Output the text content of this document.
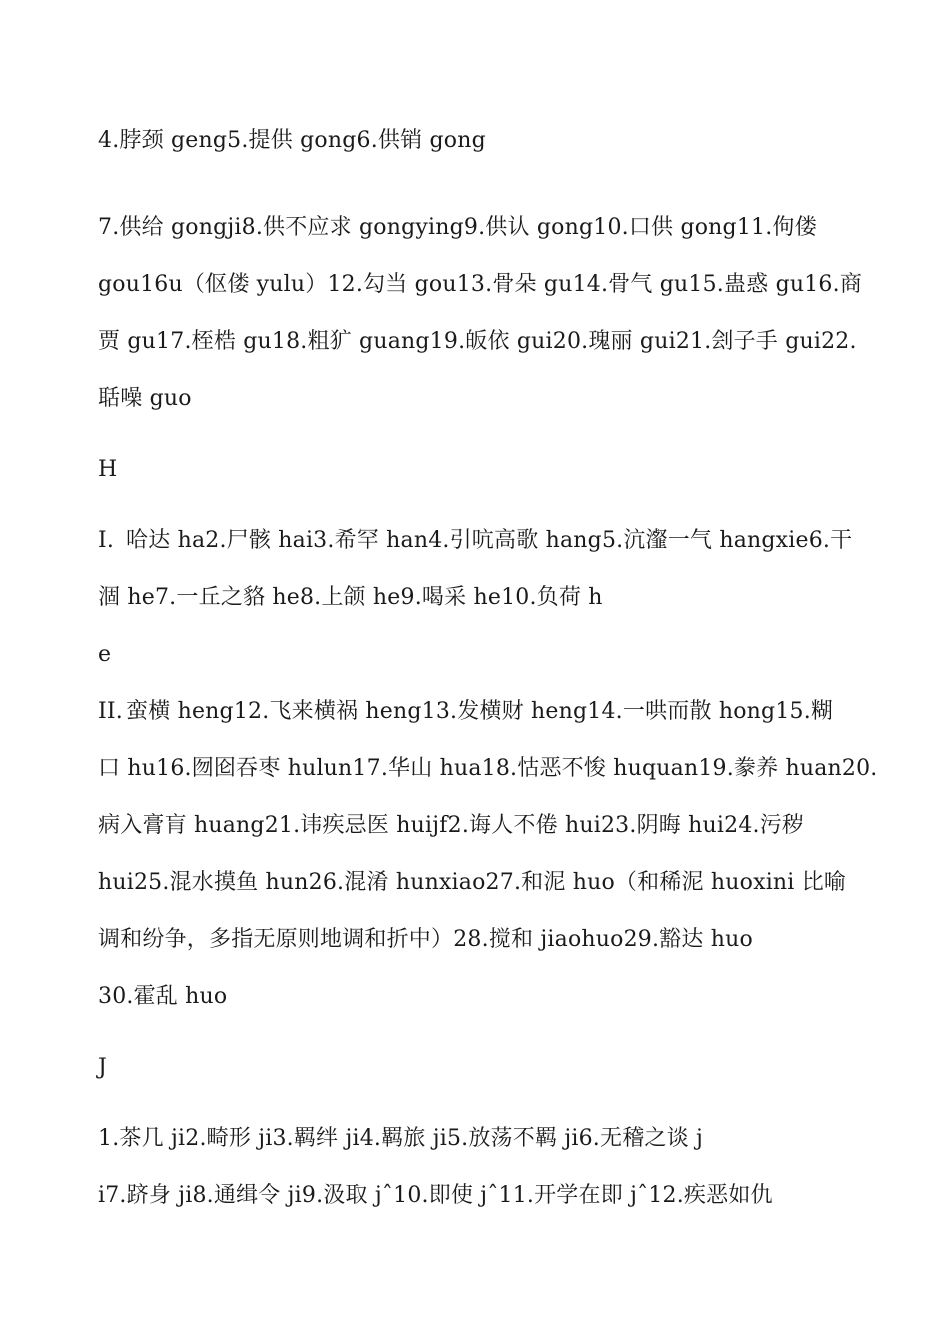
4.脖颈 geng5.提供 gong6.供销 gong

7.供给 gongji8.供不应求 gongying9.供认 gong10.口供 gong11.佝偻
gou16u（伛偻 yulu）12.勾当 gou13.骨朵 gu14.骨气 gu15.蛊惑 gu16.商
贾 gu17.桎梏 gu18.粗犷 guang19.皈依 gui20.瑰丽 gui21.刽子手 gui22.
聒噪 guo

H

I. 哈达 ha2.尸骸 hai3.希罕 han4.引吭高歌 hang5.沆瀣一气 hangxie6.干
涸 he7.一丘之貉 he8.上颌 he9.喝采 he10.负荷 h
e

II. 蛮横 heng12.飞来横祸 heng13.发横财 heng14.一哄而散 hong15.糊
口 hu16.囫囵吞枣 hulun17.华山 hua18.怙恶不悛 huquan19.豢养 huan20.
病入膏肓 huang21.讳疾忌医 huijf2.诲人不倦 hui23.阴晦 hui24.污秽
hui25.混水摸鱼 hun26.混淆 hunxiao27.和泥 huo（和稀泥 huoxini 比喻
调和纷争，多指无原则地调和折中）28.搅和 jiaohuo29.豁达 huo
30.霍乱 huo

J

1.茶几 ji2.畸形 ji3.羁绊 ji4.羁旅 ji5.放荡不羁 ji6.无稽之谈 j
i7.跻身 ji8.通缉令 ji9.汲取 jˆ10.即使 jˆ11.开学在即 jˆ12.疾恶如仇
